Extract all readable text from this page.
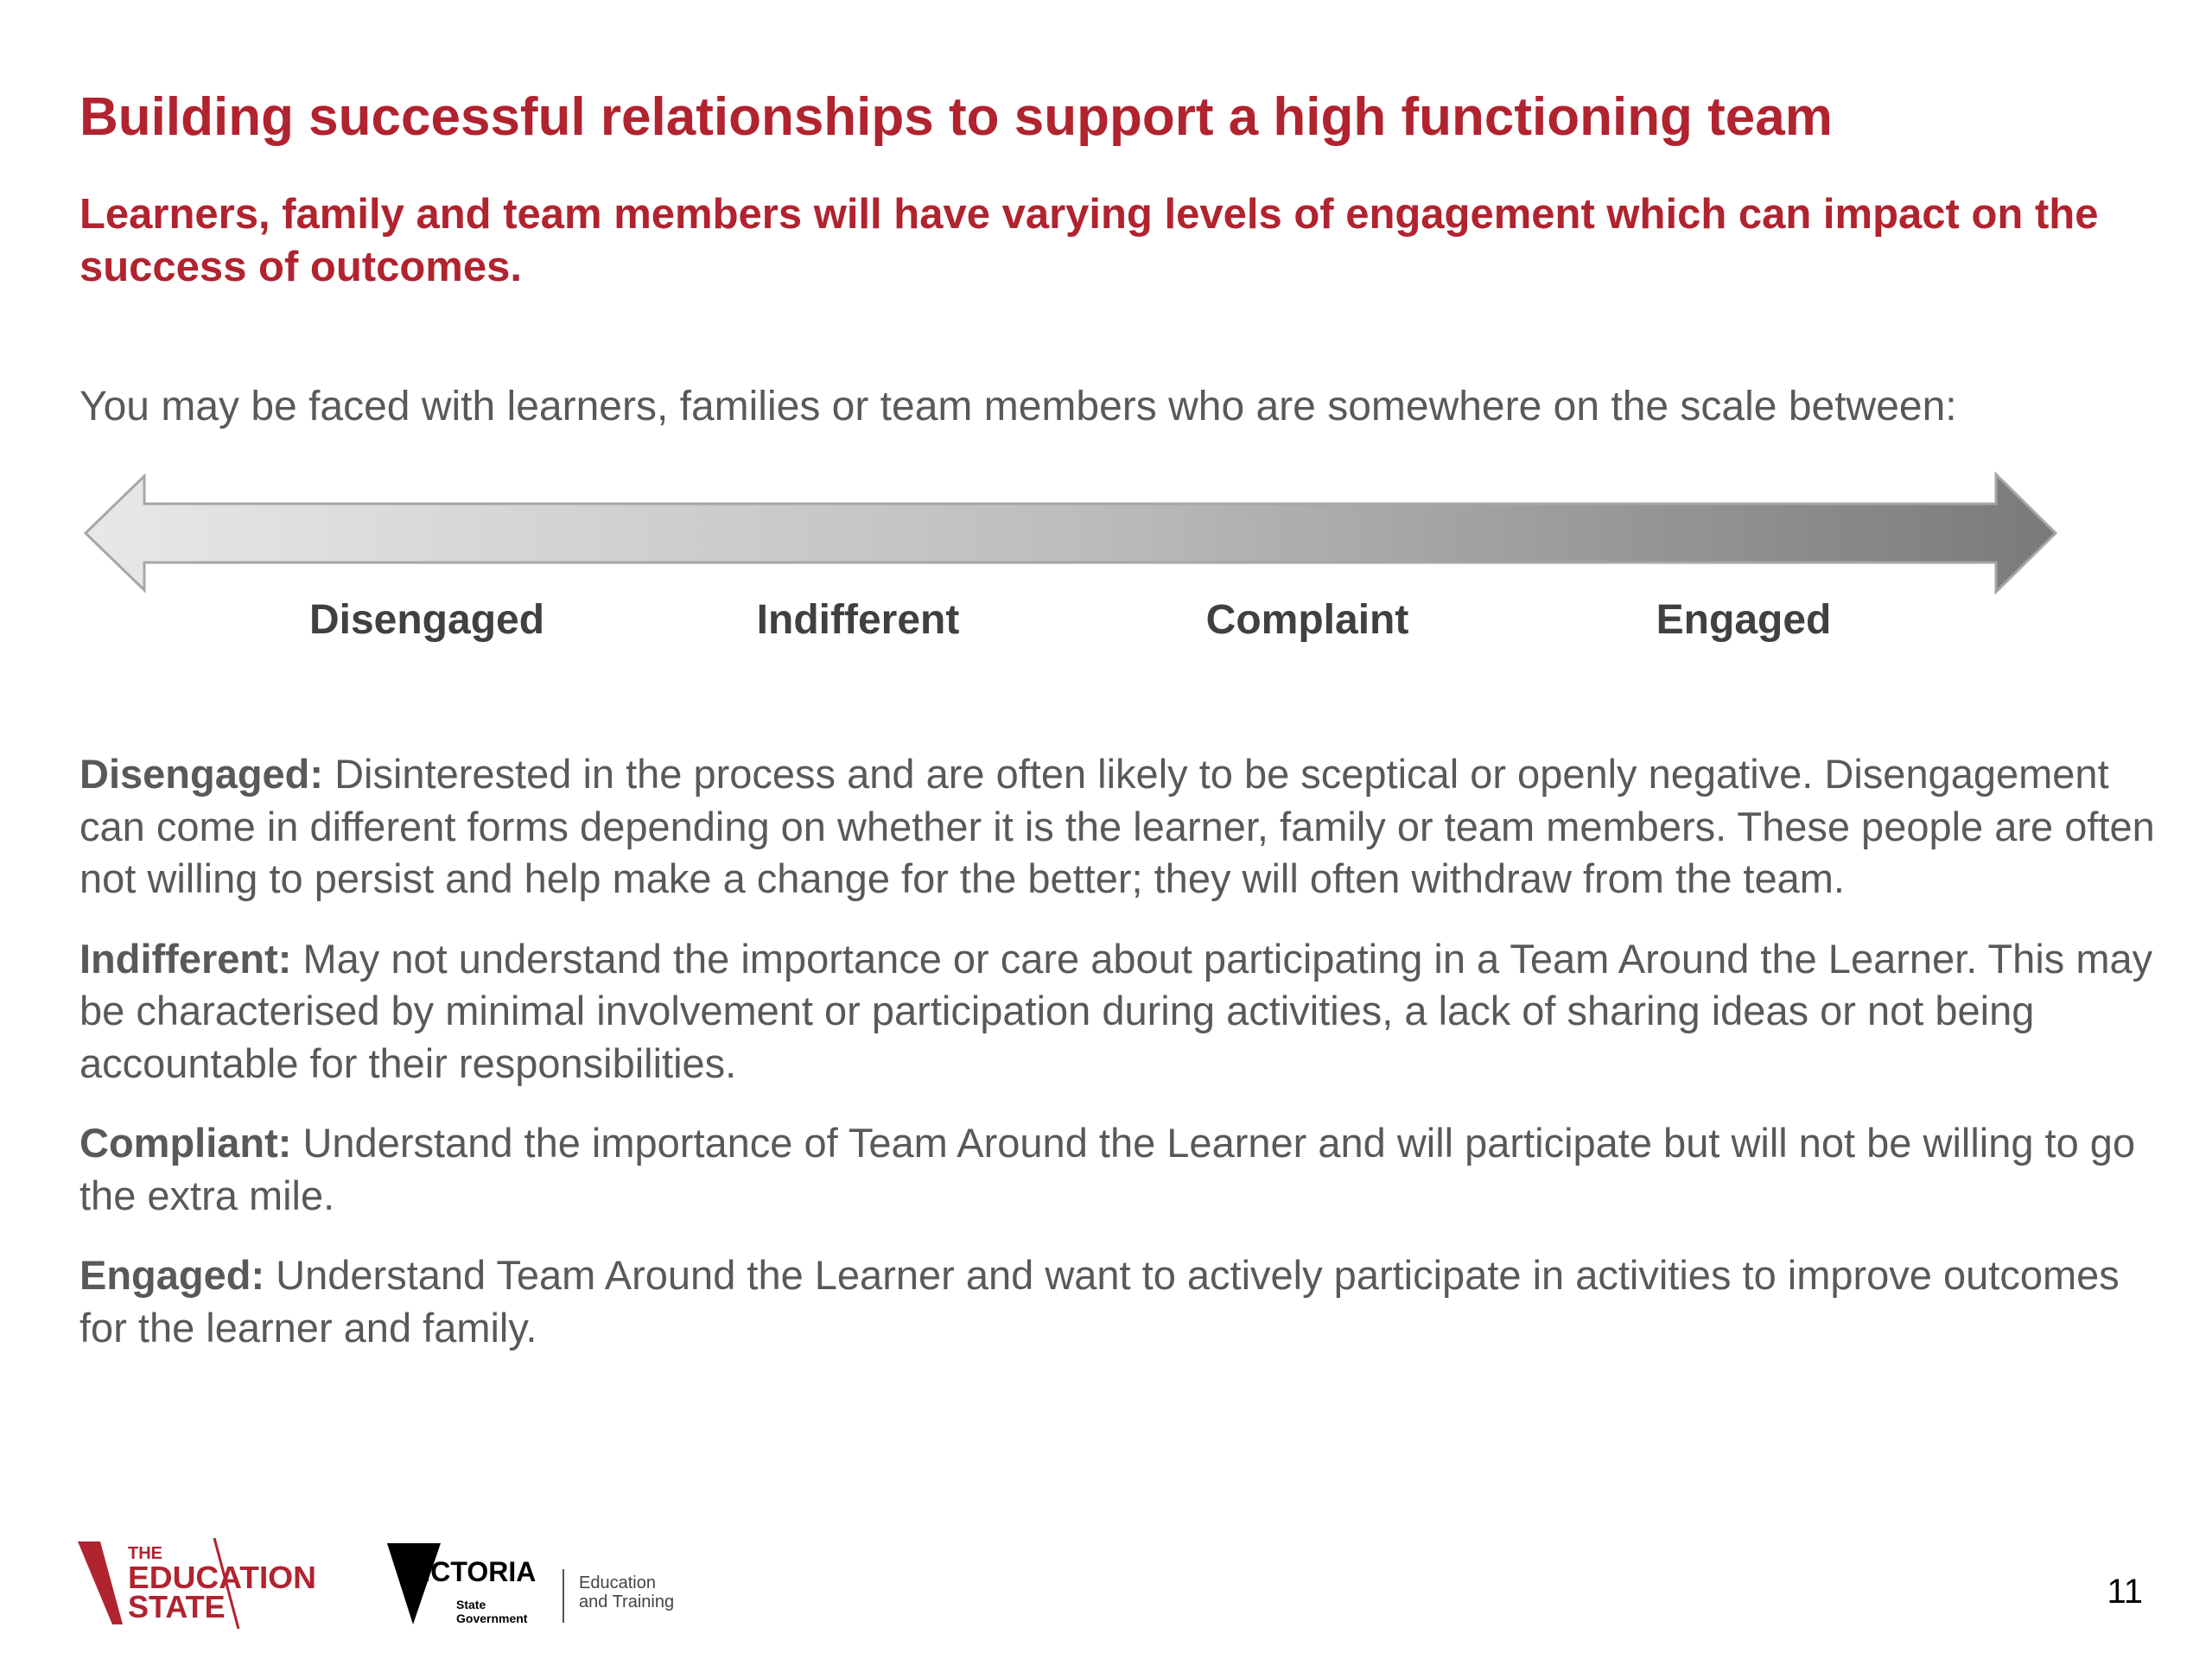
Building successful relationships to support a high functioning team
Learners, family and team members will have varying levels of engagement which can impact on the success of outcomes.
You may be faced with learners, families or team members who are somewhere on the scale between:
Disengaged	Indifferent	Complaint	Engaged

Disengaged: Disinterested in the process and are often likely to be sceptical or openly negative. Disengagement can come in different forms depending on whether it is the learner, family or team members. These people are often not willing to persist and help make a change for the better; they will often withdraw from the team.

Indifferent: May not understand the importance or care about participating in a Team Around the Learner. This may be characterised by minimal involvement or participation during activities, a lack of sharing ideas or not being accountable for their responsibilities.

Compliant: Understand the importance of Team Around the Learner and will participate but will not be willing to go the extra mile.

Engaged: Understand Team Around the Learner and want to actively participate in activities to improve outcomes for the learner and family.

THE
EDUCATION
STATE
VICTORIA
State
Government
Education
and Training	11
